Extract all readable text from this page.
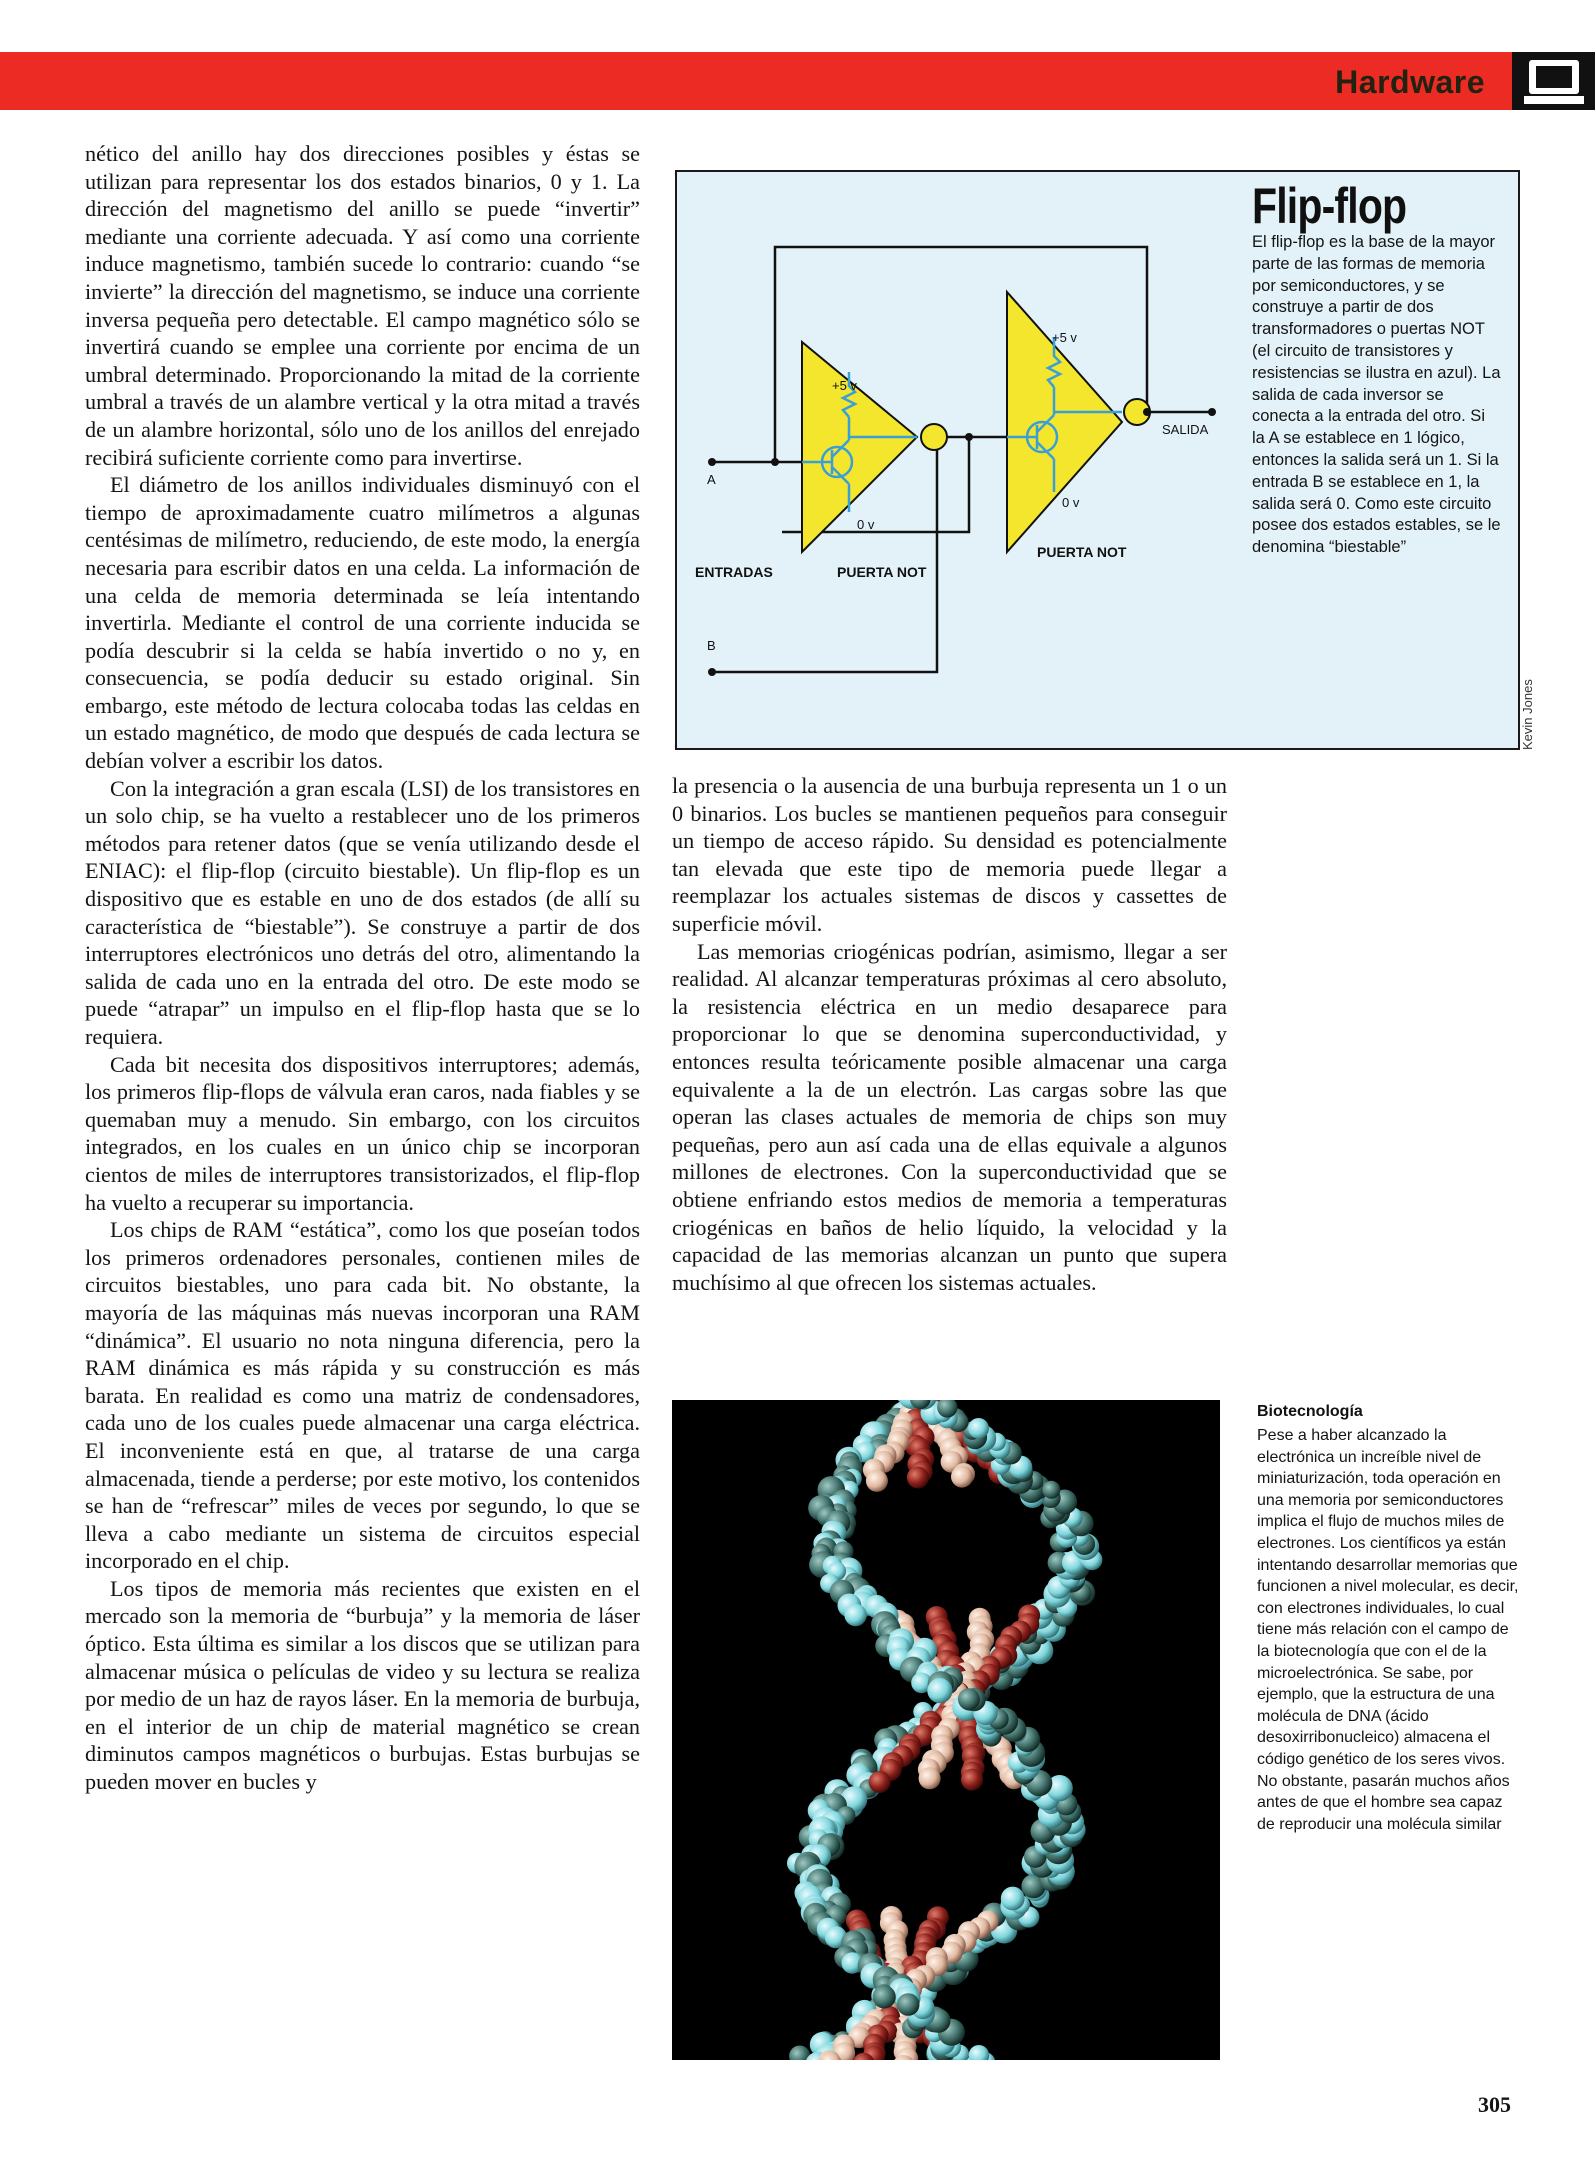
Hardware

nético del anillo hay dos direcciones posibles y éstas se utilizan para representar los dos estados binarios, 0 y 1. La dirección del magnetismo del anillo se puede “invertir” mediante una corriente adecuada. Y así como una corriente induce magnetismo, también sucede lo contrario: cuando “se invierte” la dirección del magnetismo, se induce una corriente inversa pequeña pero detectable. El campo magnético sólo se invertirá cuando se emplee una corriente por encima de un umbral determinado. Proporcionando la mitad de la corriente umbral a través de un alambre vertical y la otra mitad a través de un alambre horizontal, sólo uno de los anillos del enrejado recibirá suficiente corriente como para invertirse.

El diámetro de los anillos individuales disminuyó con el tiempo de aproximadamente cuatro milímetros a algunas centésimas de milímetro, reduciendo, de este modo, la energía necesaria para escribir datos en una celda. La información de una celda de memoria determinada se leía intentando invertirla. Mediante el control de una corriente inducida se podía descubrir si la celda se había invertido o no y, en consecuencia, se podía deducir su estado original. Sin embargo, este método de lectura colocaba todas las celdas en un estado magnético, de modo que después de cada lectura se debían volver a escribir los datos.

Con la integración a gran escala (LSI) de los transistores en un solo chip, se ha vuelto a restablecer uno de los primeros métodos para retener datos (que se venía utilizando desde el ENIAC): el flip-flop (circuito biestable). Un flip-flop es un dispositivo que es estable en uno de dos estados (de allí su característica de “biestable”). Se construye a partir de dos interruptores electrónicos uno detrás del otro, alimentando la salida de cada uno en la entrada del otro. De este modo se puede “atrapar” un impulso en el flip-flop hasta que se lo requiera.

Cada bit necesita dos dispositivos interruptores; además, los primeros flip-flops de válvula eran caros, nada fiables y se quemaban muy a menudo. Sin embargo, con los circuitos integrados, en los cuales en un único chip se incorporan cientos de miles de interruptores transistorizados, el flip-flop ha vuelto a recuperar su importancia.

Los chips de RAM “estática”, como los que poseían todos los primeros ordenadores personales, contienen miles de circuitos biestables, uno para cada bit. No obstante, la mayoría de las máquinas más nuevas incorporan una RAM “dinámica”. El usuario no nota ninguna diferencia, pero la RAM dinámica es más rápida y su construcción es más barata. En realidad es como una matriz de condensadores, cada uno de los cuales puede almacenar una carga eléctrica. El inconveniente está en que, al tratarse de una carga almacenada, tiende a perderse; por este motivo, los contenidos se han de “refrescar” miles de veces por segundo, lo que se lleva a cabo mediante un sistema de circuitos especial incorporado en el chip.

Los tipos de memoria más recientes que existen en el mercado son la memoria de “burbuja” y la memoria de láser óptico. Esta última es similar a los discos que se utilizan para almacenar música o películas de video y su lectura se realiza por medio de un haz de rayos láser. En la memoria de burbuja, en el interior de un chip de material magnético se crean diminutos campos magnéticos o burbujas. Estas burbujas se pueden mover en bucles y

+5 v
0 v
PUERTA NOT
+5 v
0 v
PUERTA NOT
SALIDA
A
B
ENTRADAS
Flip-flop
El flip-flop es la base de la mayor parte de las formas de memoria por semiconductores, y se construye a partir de dos transformadores o puertas NOT (el circuito de transistores y resistencias se ilustra en azul). La salida de cada inversor se conecta a la entrada del otro. Si la A se establece en 1 lógico, entonces la salida será un 1. Si la entrada B se establece en 1, la salida será 0. Como este circuito posee dos estados estables, se le denomina “biestable”
Kevin Jones

la presencia o la ausencia de una burbuja representa un 1 o un 0 binarios. Los bucles se mantienen pequeños para conseguir un tiempo de acceso rápido. Su densidad es potencialmente tan elevada que este tipo de memoria puede llegar a reemplazar los actuales sistemas de discos y cassettes de superficie móvil.

Las memorias criogénicas podrían, asimismo, llegar a ser realidad. Al alcanzar temperaturas próximas al cero absoluto, la resistencia eléctrica en un medio desaparece para proporcionar lo que se denomina superconductividad, y entonces resulta teóricamente posible almacenar una carga equivalente a la de un electrón. Las cargas sobre las que operan las clases actuales de memoria de chips son muy pequeñas, pero aun así cada una de ellas equivale a algunos millones de electrones. Con la superconductividad que se obtiene enfriando estos medios de memoria a temperaturas criogénicas en baños de helio líquido, la velocidad y la capacidad de las memorias alcanzan un punto que supera muchísimo al que ofrecen los sistemas actuales.

Biotecnología
Pese a haber alcanzado la electrónica un increíble nivel de miniaturización, toda operación en una memoria por semiconductores implica el flujo de muchos miles de electrones. Los científicos ya están intentando desarrollar memorias que funcionen a nivel molecular, es decir, con electrones individuales, lo cual tiene más relación con el campo de la biotecnología que con el de la microelectrónica. Se sabe, por ejemplo, que la estructura de una molécula de DNA (ácido desoxirribonucleico) almacena el código genético de los seres vivos. No obstante, pasarán muchos años antes de que el hombre sea capaz de reproducir una molécula similar
305
